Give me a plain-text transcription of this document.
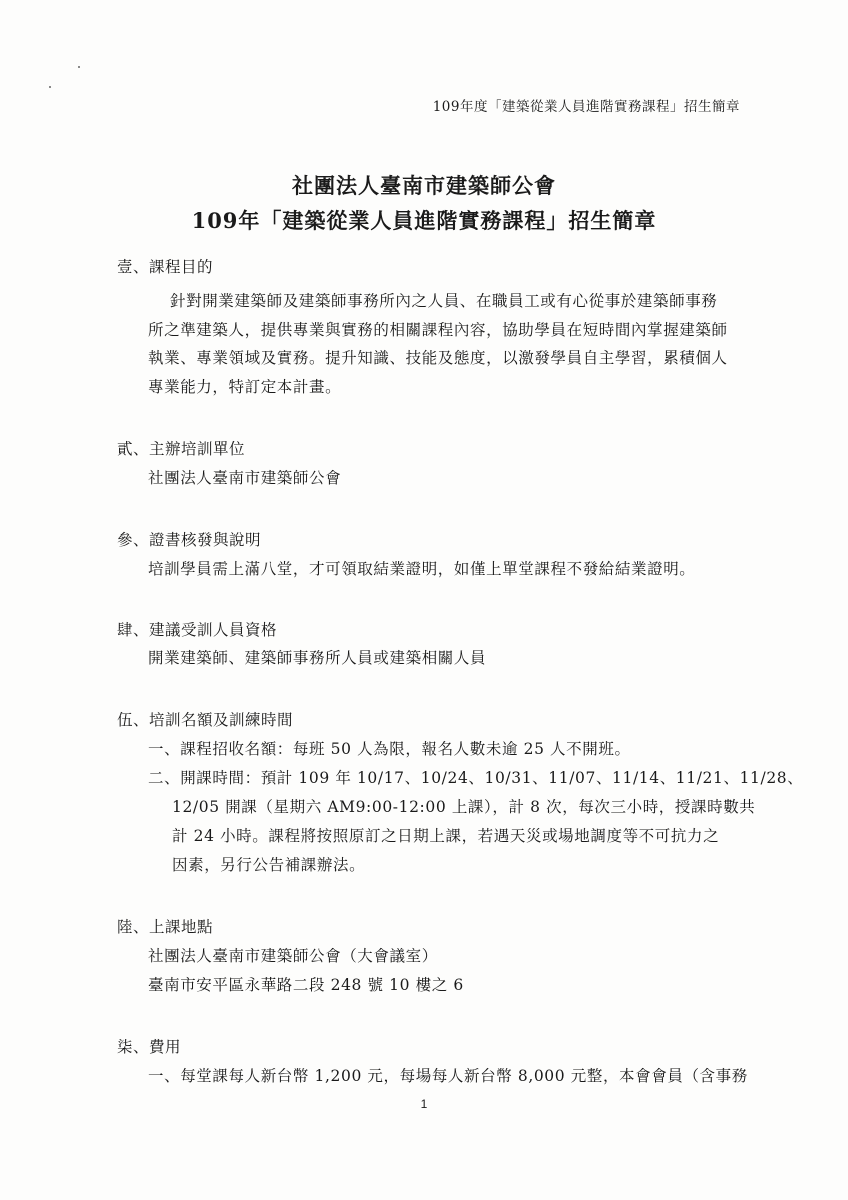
109年度「建築從業人員進階實務課程」招生簡章
社團法人臺南市建築師公會
109年「建築從業人員進階實務課程」招生簡章
壹、課程目的
針對開業建築師及建築師事務所內之人員、在職員工或有心從事於建築師事務
所之準建築人，提供專業與實務的相關課程內容，協助學員在短時間內掌握建築師
執業、專業領域及實務。提升知識、技能及態度，以激發學員自主學習，累積個人
專業能力，特訂定本計畫。
貳、主辦培訓單位
社團法人臺南市建築師公會
參、證書核發與說明
培訓學員需上滿八堂，才可領取結業證明，如僅上單堂課程不發給結業證明。
肆、建議受訓人員資格
開業建築師、建築師事務所人員或建築相關人員
伍、培訓名額及訓練時間
一、課程招收名額：每班 50 人為限，報名人數未逾 25 人不開班。
二、開課時間：預計 109 年 10/17、10/24、10/31、11/07、11/14、11/21、11/28、
12/05 開課（星期六 AM9:00-12:00 上課），計 8 次，每次三小時，授課時數共
計 24 小時。課程將按照原訂之日期上課，若遇天災或場地調度等不可抗力之
因素，另行公告補課辦法。
陸、上課地點
社團法人臺南市建築師公會（大會議室）
臺南市安平區永華路二段 248 號 10 樓之 6
柒、費用
一、每堂課每人新台幣 1,200 元，每場每人新台幣 8,000 元整，本會會員（含事務
1
